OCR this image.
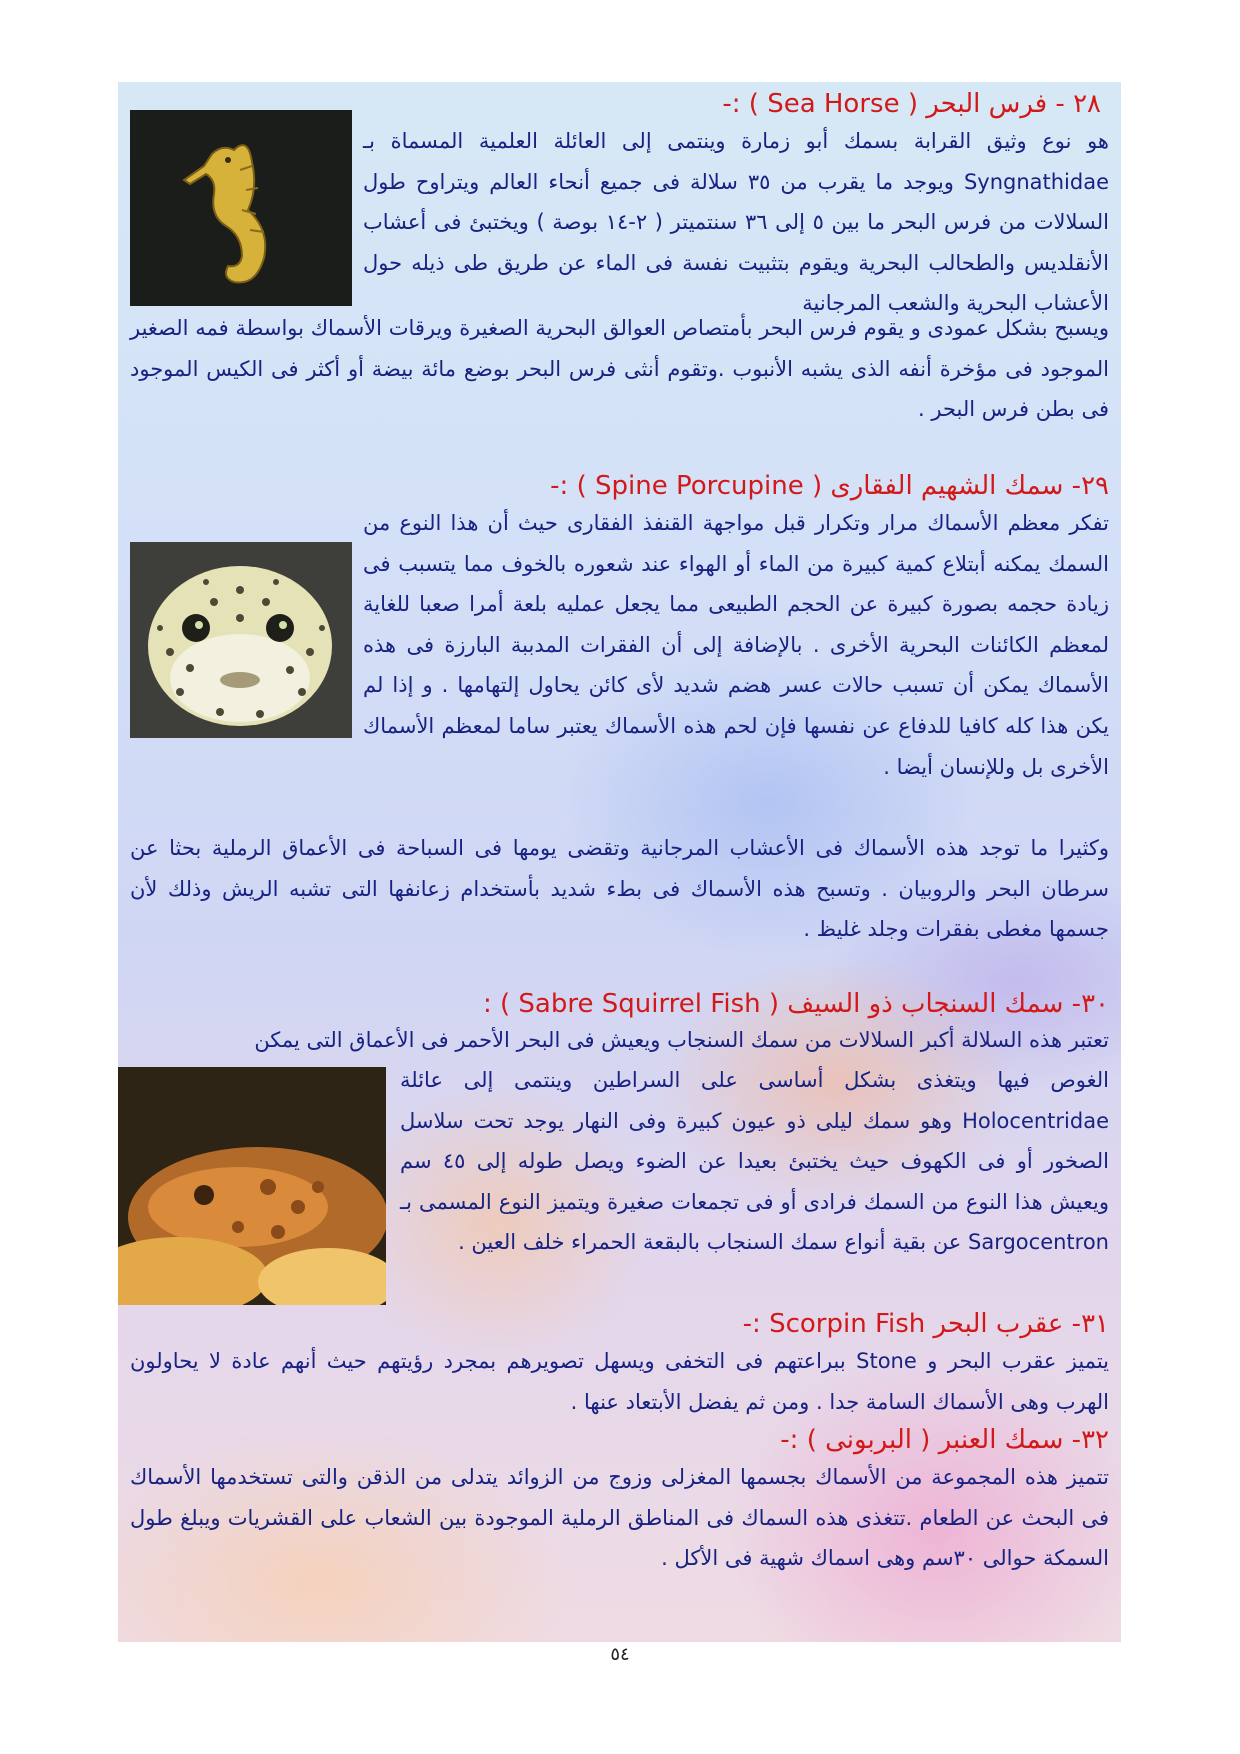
٢٨ - فرس البحر ( Sea Horse ) :-

هو نوع وثيق القرابة بسمك أبو زمارة وينتمى إلى العائلة العلمية المسماة بـ Syngnathidae ويوجد ما يقرب من ٣٥ سلالة فى جميع أنحاء العالم ويتراوح طول السلالات من فرس البحر ما بين ٥ إلى ٣٦ سنتميتر ( ٢-١٤ بوصة ) ويختبئ فى أعشاب الأنقلديس والطحالب البحرية ويقوم بتثبيت نفسة فى الماء عن طريق طى ذيله حول الأعشاب البحرية والشعب المرجانية

ويسبح بشكل عمودى و يقوم فرس البحر بأمتصاص العوالق البحرية الصغيرة ويرقات الأسماك بواسطة فمه الصغير الموجود فى مؤخرة أنفه الذى يشبه الأنبوب .وتقوم أنثى فرس البحر بوضع مائة بيضة أو أكثر فى الكيس الموجود فى بطن فرس البحر .

٢٩- سمك الشهيم الفقارى ( Spine Porcupine ) :-

تفكر معظم الأسماك مرار وتكرار قبل مواجهة القنفذ الفقارى حيث أن هذا النوع من السمك يمكنه أبتلاع كمية كبيرة من الماء أو الهواء عند شعوره بالخوف مما يتسبب فى زيادة حجمه بصورة كبيرة عن الحجم الطبيعى مما يجعل عمليه بلعة أمرا صعبا للغاية لمعظم الكائنات البحرية الأخرى . بالإضافة إلى أن الفقرات المدببة البارزة فى هذه الأسماك يمكن أن تسبب حالات عسر هضم شديد لأى كائن يحاول إلتهامها . و إذا لم يكن هذا كله كافيا للدفاع عن نفسها فإن لحم هذه الأسماك يعتبر ساما لمعظم الأسماك الأخرى بل وللإنسان أيضا .

وكثيرا ما توجد هذه الأسماك فى الأعشاب المرجانية وتقضى يومها فى السباحة فى الأعماق الرملية بحثا عن سرطان البحر والروبيان . وتسبح هذه الأسماك فى بطء شديد بأستخدام زعانفها التى تشبه الريش وذلك لأن جسمها مغطى بفقرات وجلد غليظ .

٣٠- سمك السنجاب ذو السيف ( Sabre Squirrel Fish ) :

تعتبر هذه السلالة أكبر السلالات من سمك السنجاب ويعيش فى البحر الأحمر فى الأعماق التى يمكن

الغوص فيها ويتغذى بشكل أساسى على السراطين وينتمى إلى عائلة Holocentridae وهو سمك ليلى ذو عيون كبيرة وفى النهار يوجد تحت سلاسل الصخور أو فى الكهوف حيث يختبئ بعيدا عن الضوء ويصل طوله إلى ٤٥ سم ويعيش هذا النوع من السمك فرادى أو فى تجمعات صغيرة ويتميز النوع المسمى بـ Sargocentron عن بقية أنواع سمك السنجاب بالبقعة الحمراء خلف العين .

٣١- عقرب البحر Scorpin Fish :-

يتميز عقرب البحر و Stone ببراعتهم فى التخفى ويسهل تصويرهم بمجرد رؤيتهم حيث أنهم عادة لا يحاولون الهرب وهى الأسماك السامة جدا . ومن ثم يفضل الأبتعاد عنها .

٣٢- سمك العنبر ( البربونى ) :-

تتميز هذه المجموعة من الأسماك بجسمها المغزلى وزوج من الزوائد يتدلى من الذقن والتى تستخدمها الأسماك فى البحث عن الطعام .تتغذى هذه السماك فى المناطق الرملية الموجودة بين الشعاب على القشريات ويبلغ طول السمكة حوالى ٣٠سم وهى اسماك شهية فى الأكل .

٥٤
